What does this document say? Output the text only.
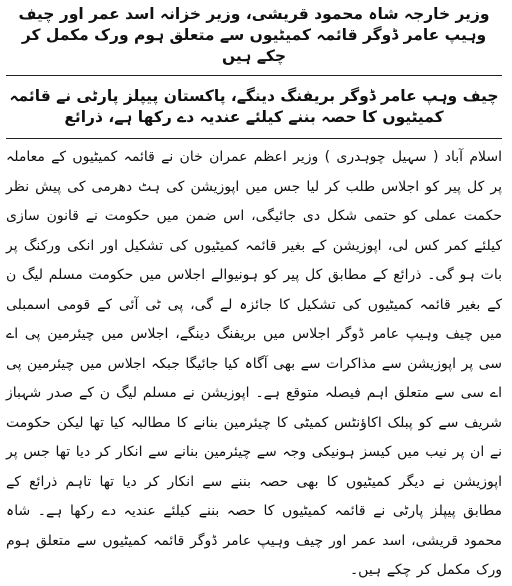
وزیر خارجہ شاہ محمود قریشی، وزیر خزانہ اسد عمر اور چیف وہیپ عامر ڈوگر قائمہ کمیٹیوں سے متعلق ہوم ورک مکمل کر چکے ہیں
چیف وہپ عامر ڈوگر بریفنگ دینگے، پاکستان پیپلز پارٹی نے قائمہ کمیٹیوں کا حصہ بننے کیلئے عندیہ دے رکھا ہے، ذرائع

اسلام آباد ( سہیل چوہدری ) وزیر اعظم عمران خان نے قائمہ کمیٹیوں کے معاملہ پر کل پیر کو اجلاس طلب کر لیا جس میں اپوزیشن کی ہٹ دھرمی کی پیش نظر حکمت عملی کو حتمی شکل دی جائیگی، اس ضمن میں حکومت نے قانون سازی کیلئے کمر کس لی، اپوزیشن کے بغیر قائمہ کمیٹیوں کی تشکیل اور انکی ورکنگ پر بات ہو گی۔ ذرائع کے مطابق کل پیر کو ہونیوالے اجلاس میں حکومت مسلم لیگ ن کے بغیر قائمہ کمیٹیوں کی تشکیل کا جائزہ لے گی، پی ٹی آئی کے قومی اسمبلی میں چیف وہیپ عامر ڈوگر اجلاس میں بریفنگ دینگے، اجلاس میں چیئرمین پی اے سی پر اپوزیشن سے مذاکرات سے بھی آگاہ کیا جائیگا جبکہ اجلاس میں چیئرمین پی اے سی سے متعلق اہم فیصلہ متوقع ہے۔ اپوزیشن نے مسلم لیگ ن کے صدر شہباز شریف سے کو پبلک اکاؤنٹس کمیٹی کا چیئرمین بنانے کا مطالبہ کیا تھا لیکن حکومت نے ان پر نیب میں کیسز ہونیکی وجہ سے چیئرمین بنانے سے انکار کر دیا تھا جس پر اپوزیشن نے دیگر کمیٹیوں کا بھی حصہ بننے سے انکار کر دیا تھا تاہم ذرائع کے مطابق پیپلز پارٹی نے قائمہ کمیٹیوں کا حصہ بننے کیلئے عندیہ دے رکھا ہے۔ شاہ محمود قریشی، اسد عمر اور چیف وہیپ عامر ڈوگر قائمہ کمیٹیوں سے متعلق ہوم ورک مکمل کر چکے ہیں۔
